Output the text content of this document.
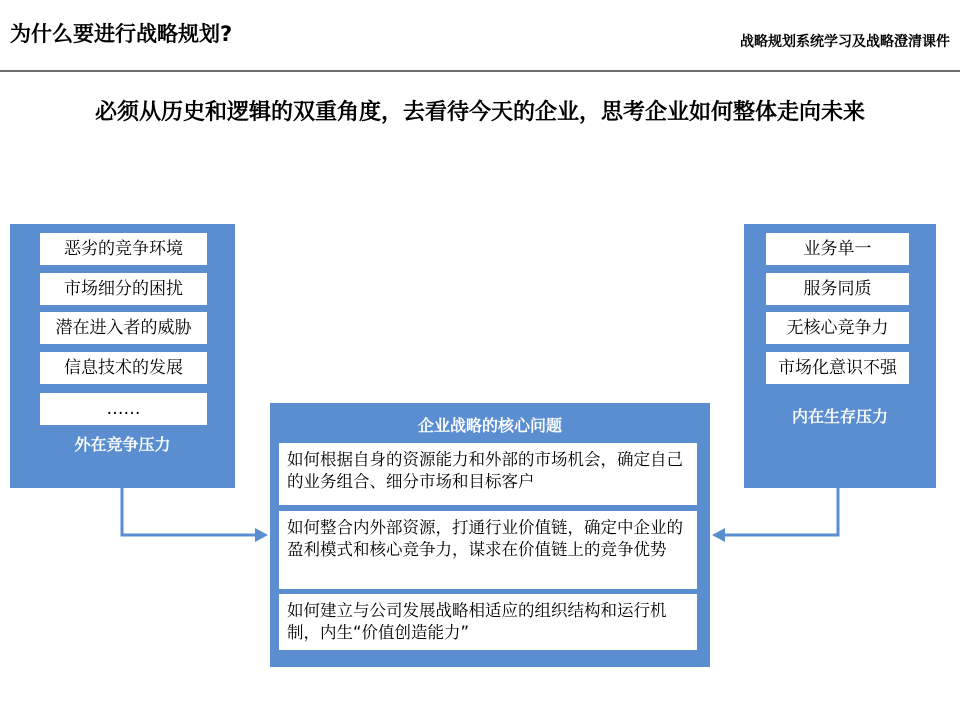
为什么要进行战略规划?	战略规划系统学习及战略澄清课件
必须从历史和逻辑的双重角度，去看待今天的企业，思考企业如何整体走向未来
恶劣的竞争环境
市场细分的困扰
潜在进入者的威胁
信息技术的发展
……
外在竞争压力
业务单一
服务同质
无核心竞争力
市场化意识不强
内在生存压力
企业战略的核心问题
如何根据自身的资源能力和外部的市场机会，确定自己的业务组合、细分市场和目标客户
如何整合内外部资源，打通行业价值链，确定中企业的盈利模式和核心竞争力，谋求在价值链上的竞争优势
如何建立与公司发展战略相适应的组织结构和运行机制，内生“价值创造能力”
